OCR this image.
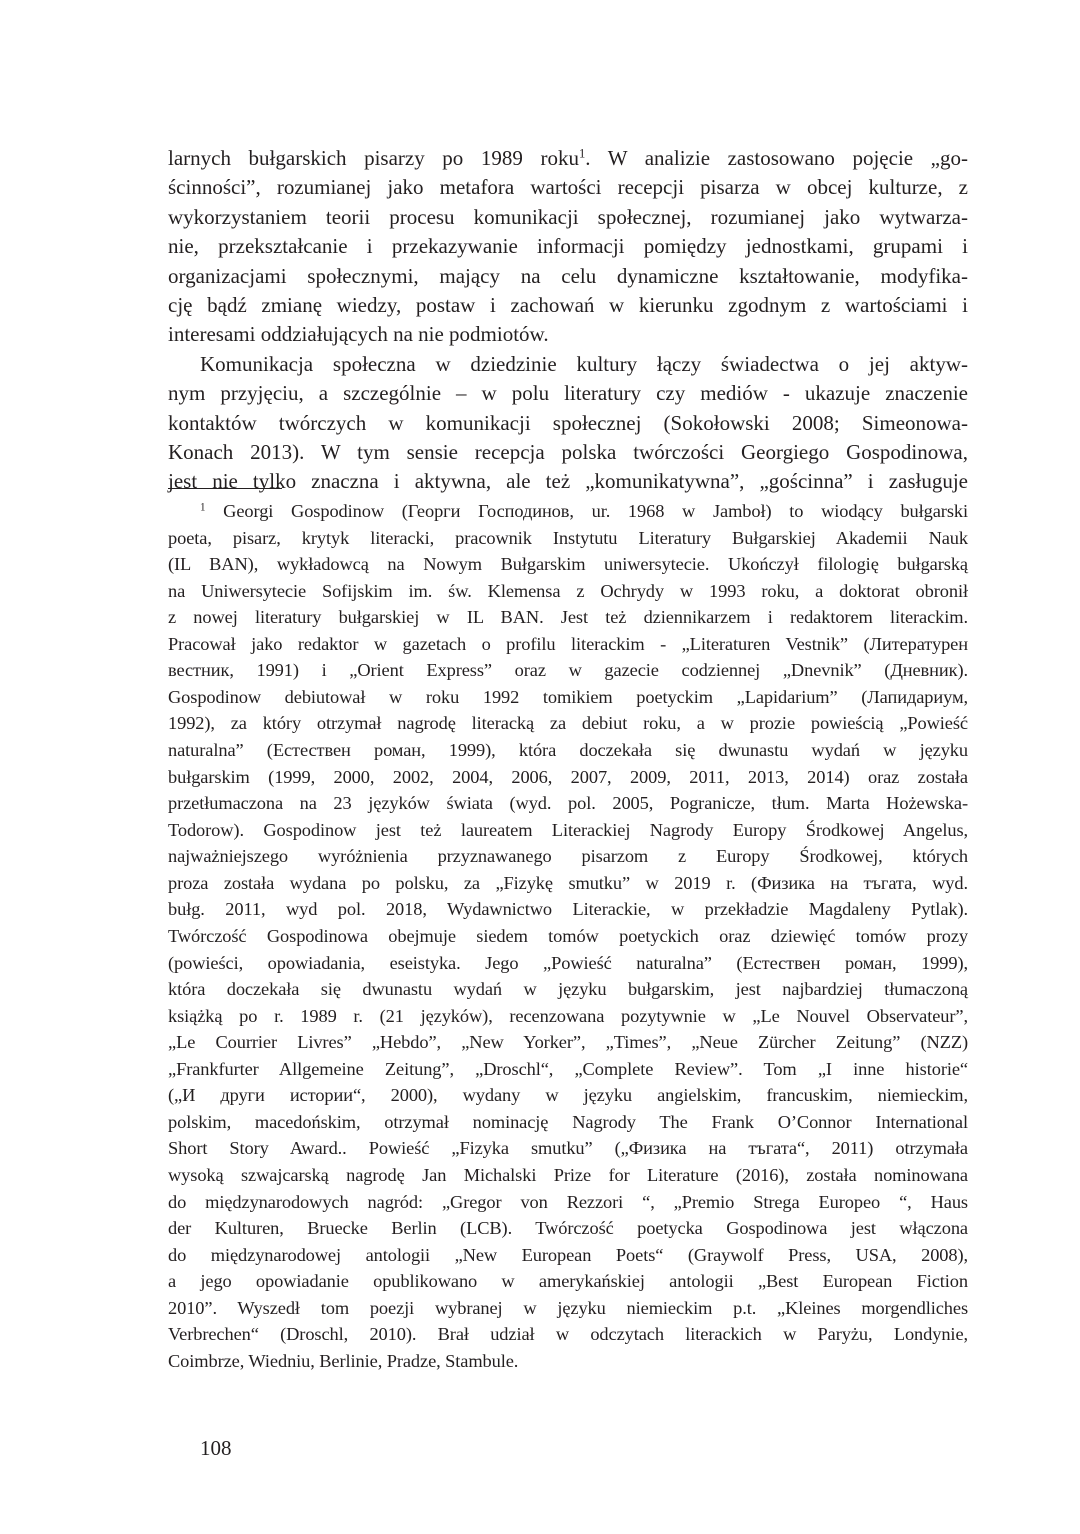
larnych bułgarskich pisarzy po 1989 roku$^1$. W analizie zastosowano pojęcie „go-
ścinności”, rozumianej jako metafora wartości recepcji pisarza w obcej kulturze, z
wykorzystaniem teorii procesu komunikacji społecznej, rozumianej jako wytwarza-
nie, przekształcanie i przekazywanie informacji pomiędzy jednostkami, grupami i
organizacjami społecznymi, mający na celu dynamiczne kształtowanie, modyfika-
cję bądź zmianę wiedzy, postaw i zachowań w kierunku zgodnym z wartościami i
interesami oddziałujących na nie podmiotów.
Komunikacja społeczna w dziedzinie kultury łączy świadectwa o jej aktyw-
nym przyjęciu, a szczególnie – w polu literatury czy mediów - ukazuje znaczenie
kontaktów twórczych w komunikacji społecznej (Sokołowski 2008; Simeonowa-
Konach 2013). W tym sensie recepcja polska twórczości Georgiego Gospodinowa,
jest nie tylko znaczna i aktywna, ale też „komunikatywna”, „gościnna” i zasługuje
$^1$ Georgi Gospodinow (Георги Господинов, ur. 1968 w Jamboł) to wiodący bułgarski
poeta, pisarz, krytyk literacki, pracownik Instytutu Literatury Bułgarskiej Akademii Nauk
(IL BAN), wykładowcą na Nowym Bułgarskim uniwersytecie. Ukończył filologię bułgarską
na Uniwersytecie Sofijskim im. św. Klemensa z Ochrydy w 1993 roku, a doktorat obronił
z nowej literatury bułgarskiej w IL BAN. Jest też dziennikarzem i redaktorem literackim.
Pracował jako redaktor w gazetach o profilu literackim - „Literaturen Vestnik” (Литературен
вестник, 1991) i „Orient Express” oraz w gazecie codziennej „Dnevnik” (Дневник).
Gospodinow debiutował w roku 1992 tomikiem poetyckim „Lapidarium” (Лапидариум,
1992), za który otrzymał nagrodę literacką za debiut roku, a w prozie powieścią „Powieść
naturalna” (Естествен роман, 1999), która doczekała się dwunastu wydań w języku
bułgarskim (1999, 2000, 2002, 2004, 2006, 2007, 2009, 2011, 2013, 2014) oraz została
przetłumaczona na 23 języków świata (wyd. pol. 2005, Pogranicze, tłum. Marta Hożewska-
Todorow). Gospodinow jest też laureatem Literackiej Nagrody Europy Środkowej Angelus,
najważniejszego wyróżnienia przyznawanego pisarzom z Europy Środkowej, których
proza została wydana po polsku, za „Fizykę smutku” w 2019 r. (Физика на тъгата, wyd.
bułg. 2011, wyd pol. 2018, Wydawnictwo Literackie, w przekładzie Magdaleny Pytlak).
Twórczość Gospodinowa obejmuje siedem tomów poetyckich oraz dziewięć tomów prozy
(powieści, opowiadania, eseistyka. Jego „Powieść naturalna” (Естествен роман, 1999),
która doczekała się dwunastu wydań w języku bułgarskim, jest najbardziej tłumaczoną
książką po r. 1989 r. (21 języków), recenzowana pozytywnie w „Le Nouvel Observateur”,
„Le Courrier Livres” „Hebdo”, „New Yorker”, „Times”, „Neue Zürcher Zeitung” (NZZ)
„Frankfurter Allgemeine Zeitung”, „Droschl“, „Complete Review”. Tom „I inne historie“
(„И други истории“, 2000), wydany w języku angielskim, francuskim, niemieckim,
polskim, macedońskim, otrzymał nominację Nagrody The Frank O’Connor International
Short Story Award.. Powieść „Fizyka smutku” („Физика на тъгата“, 2011) otrzymała
wysoką szwajcarską nagrodę Jan Michalski Prize for Literature (2016), została nominowana
do międzynarodowych nagród: „Gregor von Rezzori “, „Premio Strega Europeo “, Haus
der Kulturen, Bruecke Berlin (LCB). Twórczość poetycka Gospodinowa jest włączona
do międzynarodowej antologii „New European Poets“ (Graywolf Press, USA, 2008),
a jego opowiadanie opublikowano w amerykańskiej antologii „Best European Fiction
2010”. Wyszedł tom poezji wybranej w języku niemieckim p.t. „Kleines morgendliches
Verbrechen“ (Droschl, 2010). Brał udział w odczytach literackich w Paryżu, Londynie,
Coimbrze, Wiedniu, Berlinie, Pradze, Stambule.
108
